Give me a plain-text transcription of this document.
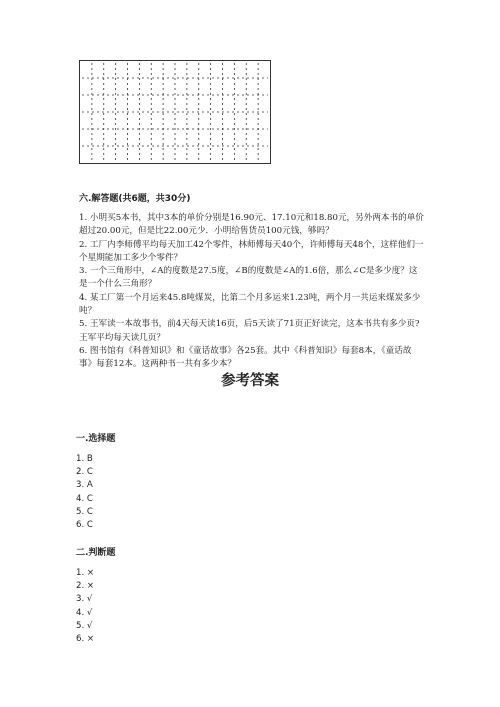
六.解答题(共6题，共30分)

1. 小明买5本书，其中3本的单价分别是16.90元、17.10元和18.80元，另外两本书的单价超过20.00元，但是比22.00元少．小明给售货员100元钱，够吗？

2. 工厂内李师傅平均每天加工42个零件，林师傅每天40个，许师傅每天48个，这样他们一个星期能加工多少个零件？

3. 一个三角形中，∠A的度数是27.5度，∠B的度数是∠A的1.6倍，那么∠C是多少度？这是一个什么三角形？

4. 某工厂第一个月运来45.8吨煤炭，比第二个月多运来1.23吨，两个月一共运来煤炭多少吨？

5. 王军读一本故事书，前4天每天读16页，后5天读了71页正好读完，这本书共有多少页?王军平均每天读几页？

6. 图书馆有《科普知识》和《童话故事》各25套。其中《科普知识》每套8本，《童话故事》每套12本。这两种书一共有多少本？

参考答案
一.选择题
1. B
2. C
3. A
4. C
5. C
6. C
二.判断题
1. ×
2. ×
3. √
4. √
5. √
6. ×
